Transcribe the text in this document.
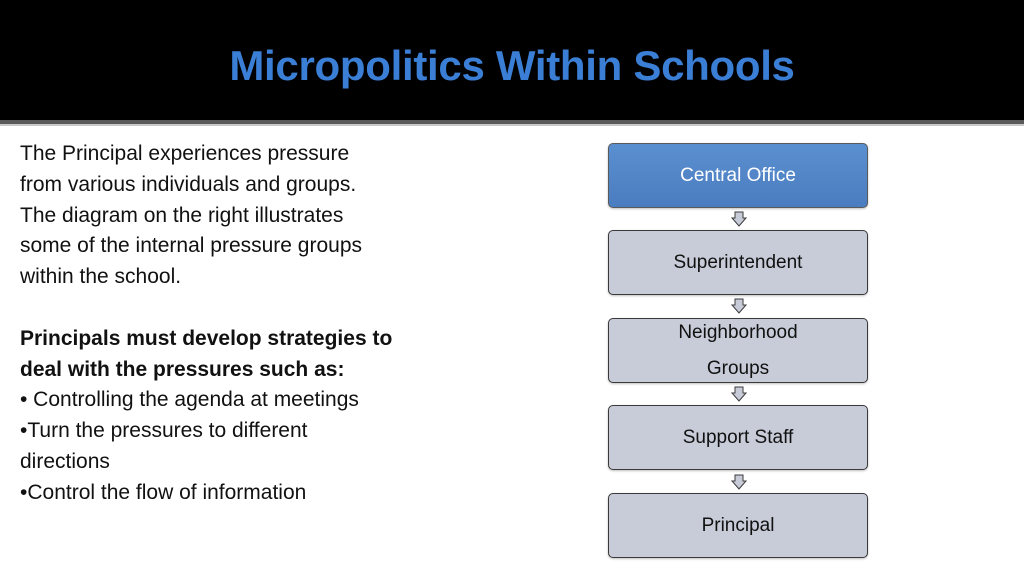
Micropolitics Within Schools

The Principal experiences pressure

from various individuals and groups.

The diagram on the right illustrates

some of the internal pressure groups

within the school.

Principals must develop strategies to

deal with the pressures such as:

• Controlling the agenda at meetings

•Turn the pressures to different

directions

•Control the flow of information

Central Office
Superintendent
Neighborhood Groups
Support Staff
Principal
